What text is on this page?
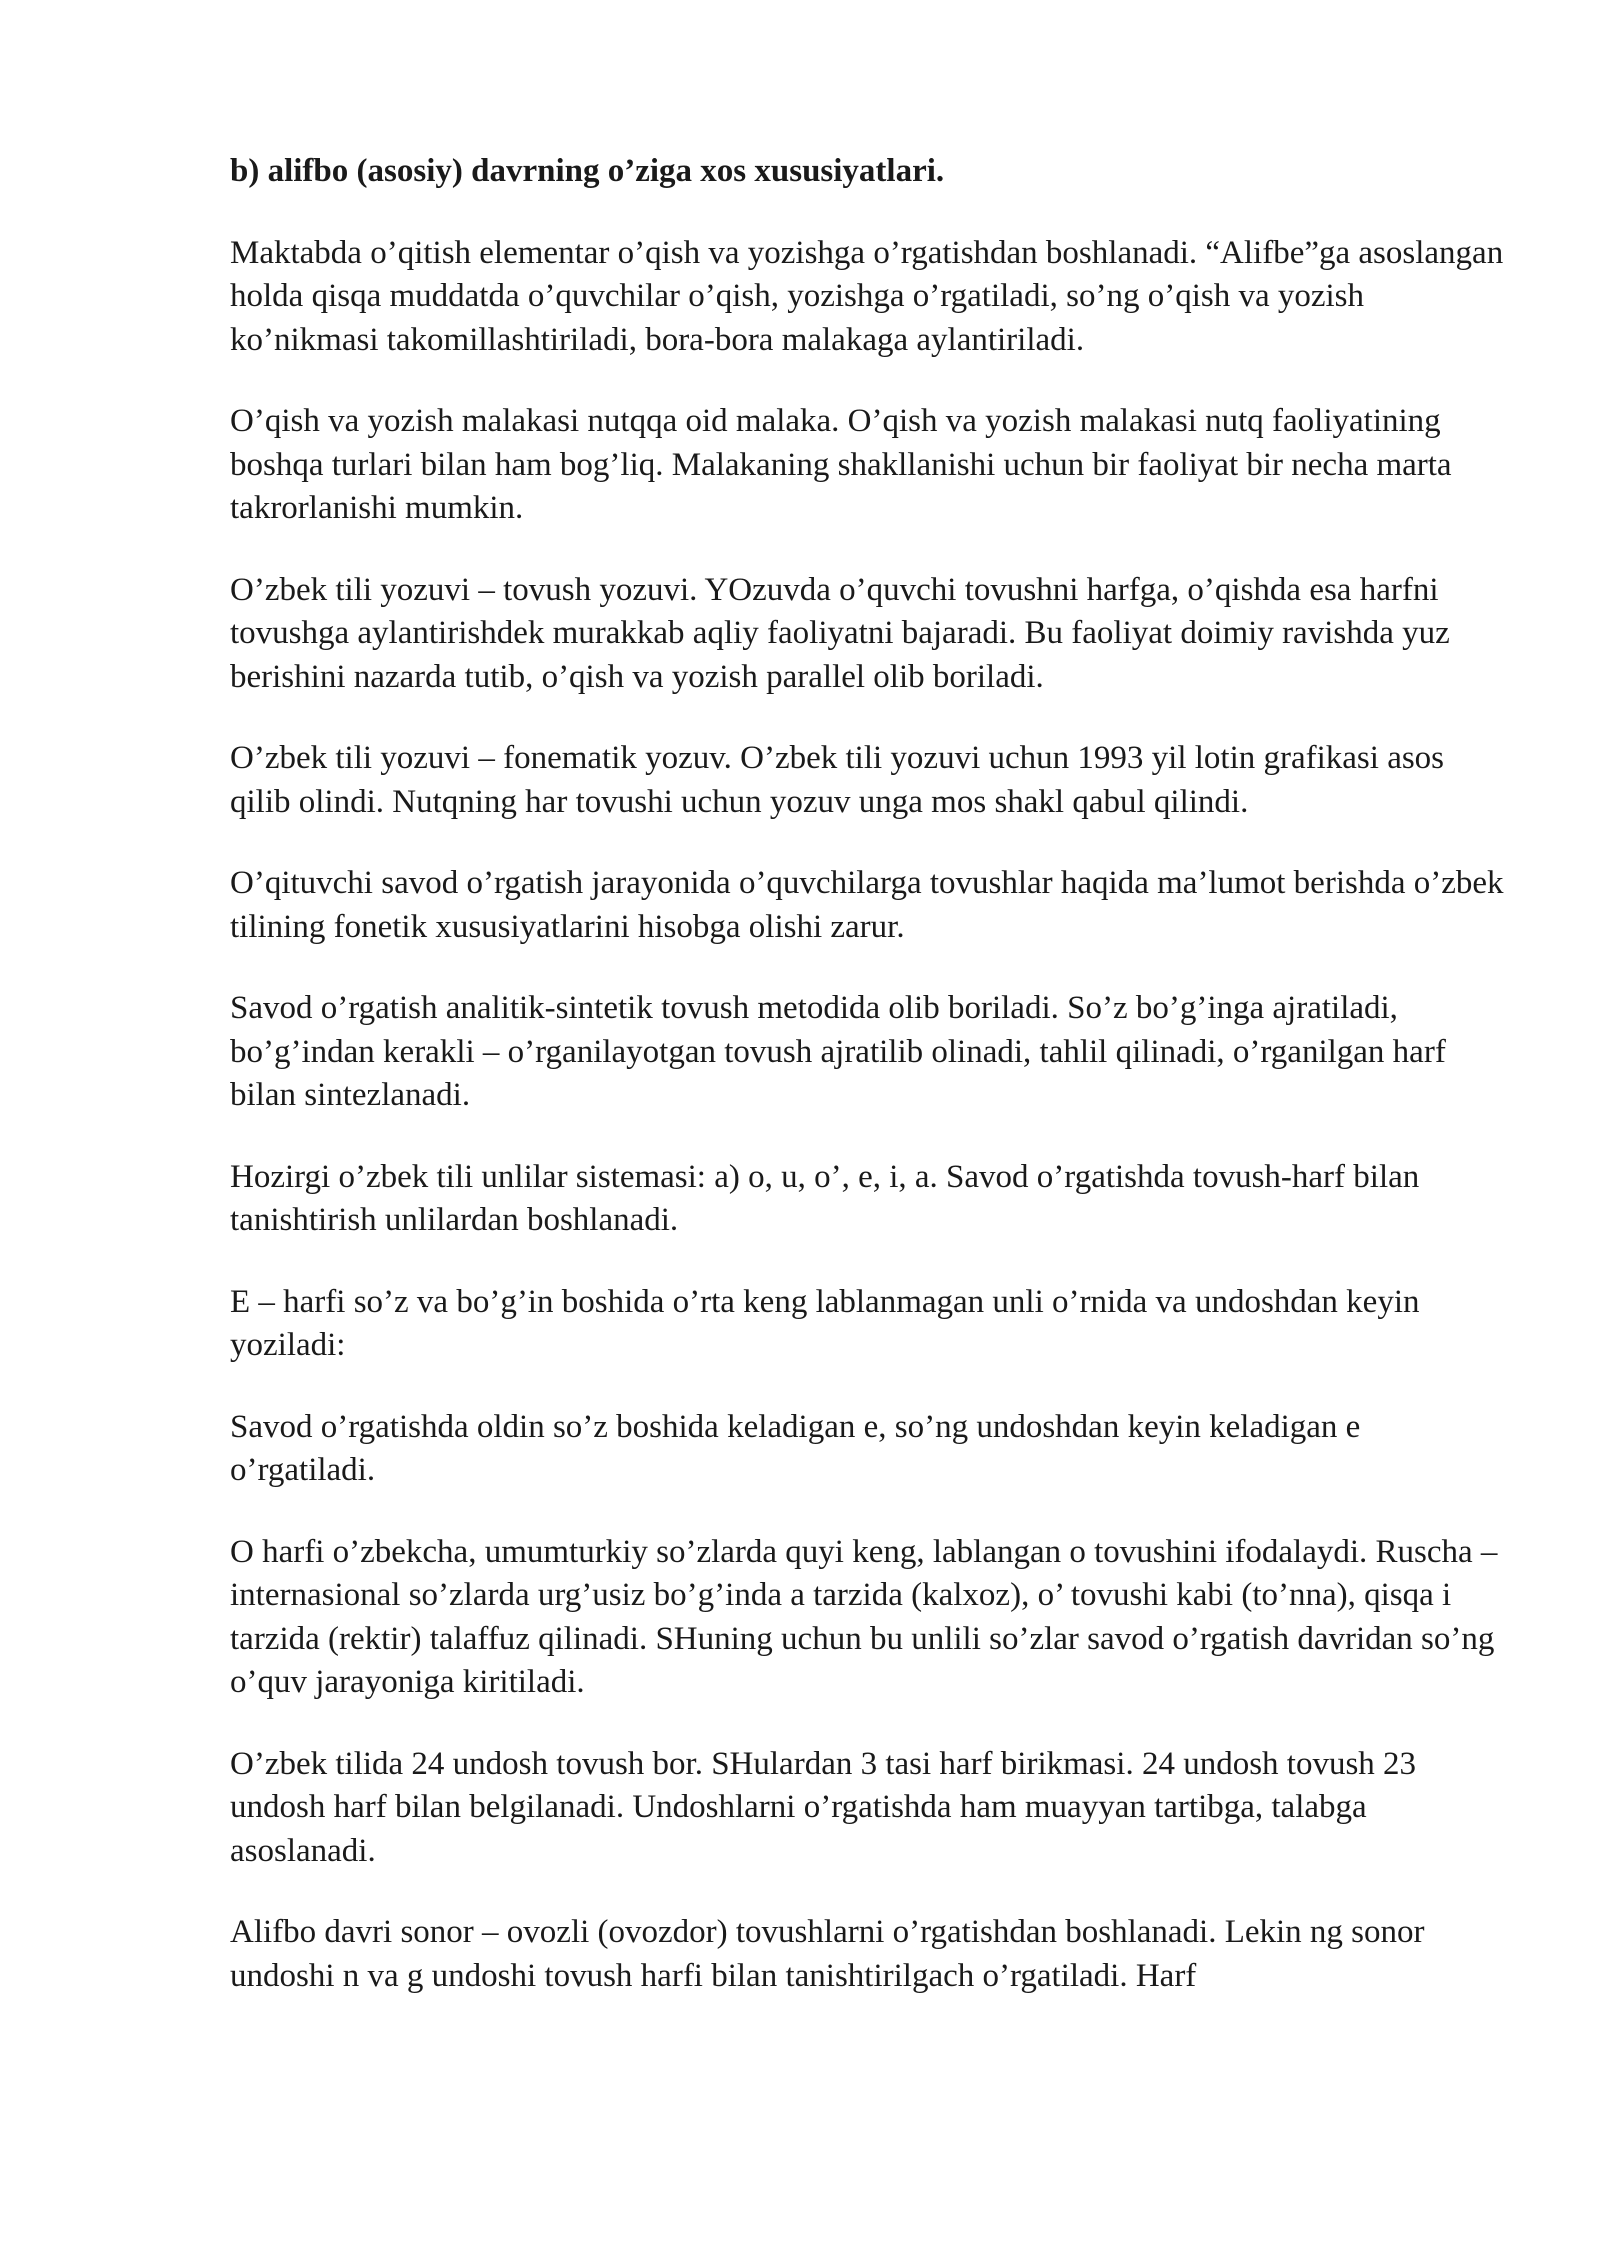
b) alifbo (asosiy) davrning o’ziga xos xususiyatlari.

Maktabda o’qitish elementar o’qish va yozishga o’rgatishdan boshlanadi. “Alifbe”ga asoslangan holda qisqa muddatda o’quvchilar o’qish, yozishga o’rgatiladi, so’ng o’qish va yozish ko’nikmasi takomillashtiriladi, bora-bora malakaga aylantiriladi.

O’qish va yozish malakasi nutqqa oid malaka. O’qish va yozish malakasi nutq faoliyatining boshqa turlari bilan ham bog’liq. Malakaning shakllanishi uchun bir faoliyat bir necha marta takrorlanishi mumkin.

O’zbek tili yozuvi – tovush yozuvi. YOzuvda o’quvchi tovushni harfga, o’qishda esa harfni tovushga aylantirishdek murakkab aqliy faoliyatni bajaradi. Bu faoliyat doimiy ravishda yuz berishini nazarda tutib, o’qish va yozish parallel olib boriladi.

O’zbek tili yozuvi – fonematik yozuv. O’zbek tili yozuvi uchun 1993 yil lotin grafikasi asos qilib olindi. Nutqning har tovushi uchun yozuv unga mos shakl qabul qilindi.

O’qituvchi savod o’rgatish jarayonida o’quvchilarga tovushlar haqida ma’lumot berishda o’zbek tilining fonetik xususiyatlarini hisobga olishi zarur.

Savod o’rgatish analitik-sintetik tovush metodida olib boriladi. So’z bo’g’inga ajratiladi, bo’g’indan kerakli – o’rganilayotgan tovush ajratilib olinadi, tahlil qilinadi, o’rganilgan harf bilan sintezlanadi.

Hozirgi o’zbek tili unlilar sistemasi: a) o, u, o’, e, i, a. Savod o’rgatishda tovush-harf bilan tanishtirish unlilardan boshlanadi.

E – harfi so’z va bo’g’in boshida o’rta keng lablanmagan unli o’rnida va undoshdan keyin yoziladi:

Savod o’rgatishda oldin so’z boshida keladigan e, so’ng undoshdan keyin keladigan e o’rgatiladi.

O harfi o’zbekcha, umumturkiy so’zlarda quyi keng, lablangan o tovushini ifodalaydi. Ruscha – internasional so’zlarda urg’usiz bo’g’inda a tarzida (kalxoz), o’ tovushi kabi (to’nna), qisqa i tarzida (rektir) talaffuz qilinadi. SHuning uchun bu unlili so’zlar savod o’rgatish davridan so’ng o’quv jarayoniga kiritiladi.

O’zbek tilida 24 undosh tovush bor. SHulardan 3 tasi harf birikmasi. 24 undosh tovush 23 undosh harf bilan belgilanadi. Undoshlarni o’rgatishda ham muayyan tartibga, talabga asoslanadi.

Alifbo davri sonor – ovozli (ovozdor) tovushlarni o’rgatishdan boshlanadi. Lekin ng sonor undoshi n va g undoshi tovush harfi bilan tanishtirilgach o’rgatiladi. Harf
